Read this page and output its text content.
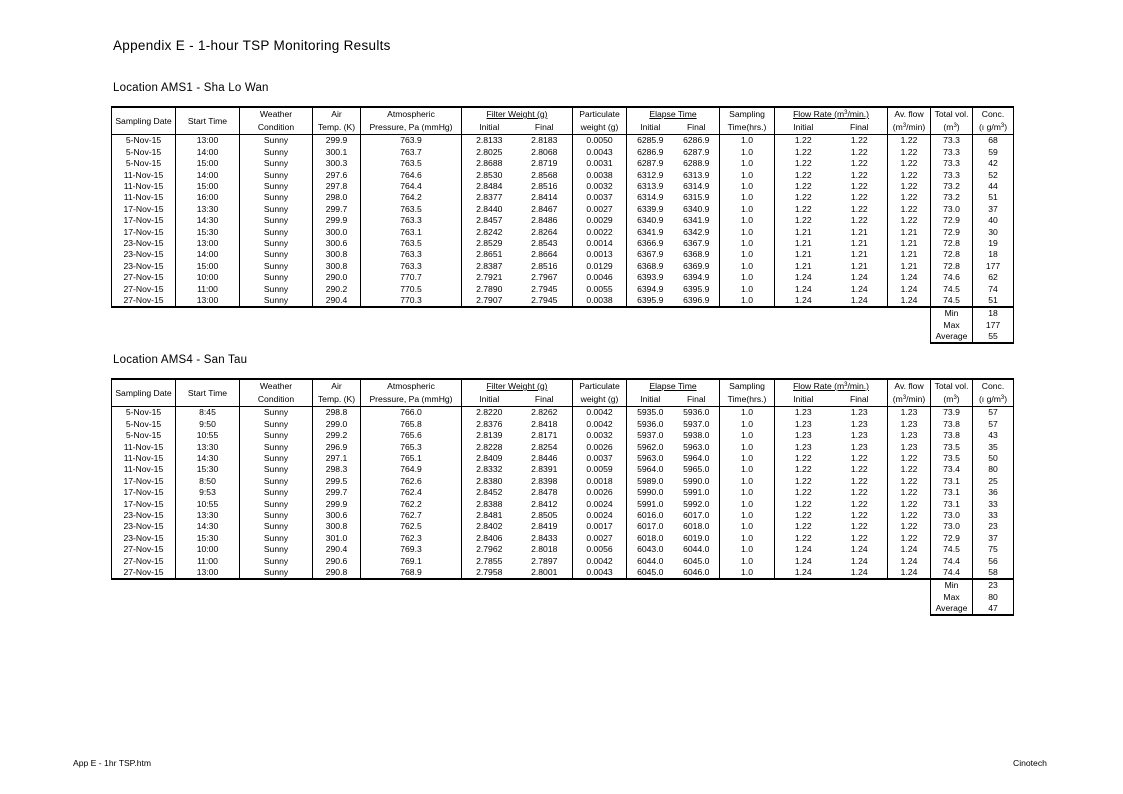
Appendix E - 1-hour TSP Monitoring Results
Location AMS1 - Sha Lo Wan
Sampling Date	Start Time	Weather	Air	Atmospheric	Filter Weight (g)		Particulate	Elapse Time		Sampling	Flow Rate $(m^3/\min.)$		Av. flow	Total vol.	Conc.
		Condition	Temp. (K)	Pressure, Pa (mmHg)	Initial	Final	weight (g)	Initial	Final	Time(hrs.)	Initial	Final	$(m^3/\min)$	$(m^3)$	(ı $g/m^3$)
5-Nov-15	13:00	Sunny	299.9	763.9	2.8133	2.8183	0.0050	6285.9	6286.9	1.0	1.22	1.22	1.22	73.3	68
5-Nov-15	14:00	Sunny	300.1	763.7	2.8025	2.8068	0.0043	6286.9	6287.9	1.0	1.22	1.22	1.22	73.3	59
5-Nov-15	15:00	Sunny	300.3	763.5	2.8688	2.8719	0.0031	6287.9	6288.9	1.0	1.22	1.22	1.22	73.3	42
11-Nov-15	14:00	Sunny	297.6	764.6	2.8530	2.8568	0.0038	6312.9	6313.9	1.0	1.22	1.22	1.22	73.3	52
11-Nov-15	15:00	Sunny	297.8	764.4	2.8484	2.8516	0.0032	6313.9	6314.9	1.0	1.22	1.22	1.22	73.2	44
11-Nov-15	16:00	Sunny	298.0	764.2	2.8377	2.8414	0.0037	6314.9	6315.9	1.0	1.22	1.22	1.22	73.2	51
17-Nov-15	13:30	Sunny	299.7	763.5	2.8440	2.8467	0.0027	6339.9	6340.9	1.0	1.22	1.22	1.22	73.0	37
17-Nov-15	14:30	Sunny	299.9	763.3	2.8457	2.8486	0.0029	6340.9	6341.9	1.0	1.22	1.22	1.22	72.9	40
17-Nov-15	15:30	Sunny	300.0	763.1	2.8242	2.8264	0.0022	6341.9	6342.9	1.0	1.21	1.21	1.21	72.9	30
23-Nov-15	13:00	Sunny	300.6	763.5	2.8529	2.8543	0.0014	6366.9	6367.9	1.0	1.21	1.21	1.21	72.8	19
23-Nov-15	14:00	Sunny	300.8	763.3	2.8651	2.8664	0.0013	6367.9	6368.9	1.0	1.21	1.21	1.21	72.8	18
23-Nov-15	15:00	Sunny	300.8	763.3	2.8387	2.8516	0.0129	6368.9	6369.9	1.0	1.21	1.21	1.21	72.8	177
27-Nov-15	10:00	Sunny	290.0	770.7	2.7921	2.7967	0.0046	6393.9	6394.9	1.0	1.24	1.24	1.24	74.6	62
27-Nov-15	11:00	Sunny	290.2	770.5	2.7890	2.7945	0.0055	6394.9	6395.9	1.0	1.24	1.24	1.24	74.5	74
27-Nov-15	13:00	Sunny	290.4	770.3	2.7907	2.7945	0.0038	6395.9	6396.9	1.0	1.24	1.24	1.24	74.5	51
														Min	18
														Max	177
														Average	55
Location AMS4 - San Tau
Sampling Date	Start Time	Weather	Air	Atmospheric	Filter Weight (g)		Particulate	Elapse Time		Sampling	Flow Rate $(m^3/\min.)$		Av. flow	Total vol.	Conc.
		Condition	Temp. (K)	Pressure, Pa (mmHg)	Initial	Final	weight (g)	Initial	Final	Time(hrs.)	Initial	Final	$(m^3/\min)$	$(m^3)$	(ı $g/m^3$)
5-Nov-15	8:45	Sunny	298.8	766.0	2.8220	2.8262	0.0042	5935.0	5936.0	1.0	1.23	1.23	1.23	73.9	57
5-Nov-15	9:50	Sunny	299.0	765.8	2.8376	2.8418	0.0042	5936.0	5937.0	1.0	1.23	1.23	1.23	73.8	57
5-Nov-15	10:55	Sunny	299.2	765.6	2.8139	2.8171	0.0032	5937.0	5938.0	1.0	1.23	1.23	1.23	73.8	43
11-Nov-15	13:30	Sunny	296.9	765.3	2.8228	2.8254	0.0026	5962.0	5963.0	1.0	1.23	1.23	1.23	73.5	35
11-Nov-15	14:30	Sunny	297.1	765.1	2.8409	2.8446	0.0037	5963.0	5964.0	1.0	1.22	1.22	1.22	73.5	50
11-Nov-15	15:30	Sunny	298.3	764.9	2.8332	2.8391	0.0059	5964.0	5965.0	1.0	1.22	1.22	1.22	73.4	80
17-Nov-15	8:50	Sunny	299.5	762.6	2.8380	2.8398	0.0018	5989.0	5990.0	1.0	1.22	1.22	1.22	73.1	25
17-Nov-15	9:53	Sunny	299.7	762.4	2.8452	2.8478	0.0026	5990.0	5991.0	1.0	1.22	1.22	1.22	73.1	36
17-Nov-15	10:55	Sunny	299.9	762.2	2.8388	2.8412	0.0024	5991.0	5992.0	1.0	1.22	1.22	1.22	73.1	33
23-Nov-15	13:30	Sunny	300.6	762.7	2.8481	2.8505	0.0024	6016.0	6017.0	1.0	1.22	1.22	1.22	73.0	33
23-Nov-15	14:30	Sunny	300.8	762.5	2.8402	2.8419	0.0017	6017.0	6018.0	1.0	1.22	1.22	1.22	73.0	23
23-Nov-15	15:30	Sunny	301.0	762.3	2.8406	2.8433	0.0027	6018.0	6019.0	1.0	1.22	1.22	1.22	72.9	37
27-Nov-15	10:00	Sunny	290.4	769.3	2.7962	2.8018	0.0056	6043.0	6044.0	1.0	1.24	1.24	1.24	74.5	75
27-Nov-15	11:00	Sunny	290.6	769.1	2.7855	2.7897	0.0042	6044.0	6045.0	1.0	1.24	1.24	1.24	74.4	56
27-Nov-15	13:00	Sunny	290.8	768.9	2.7958	2.8001	0.0043	6045.0	6046.0	1.0	1.24	1.24	1.24	74.4	58
														Min	23
														Max	80
														Average	47
App E - 1hr TSP.htm	Cinotech
